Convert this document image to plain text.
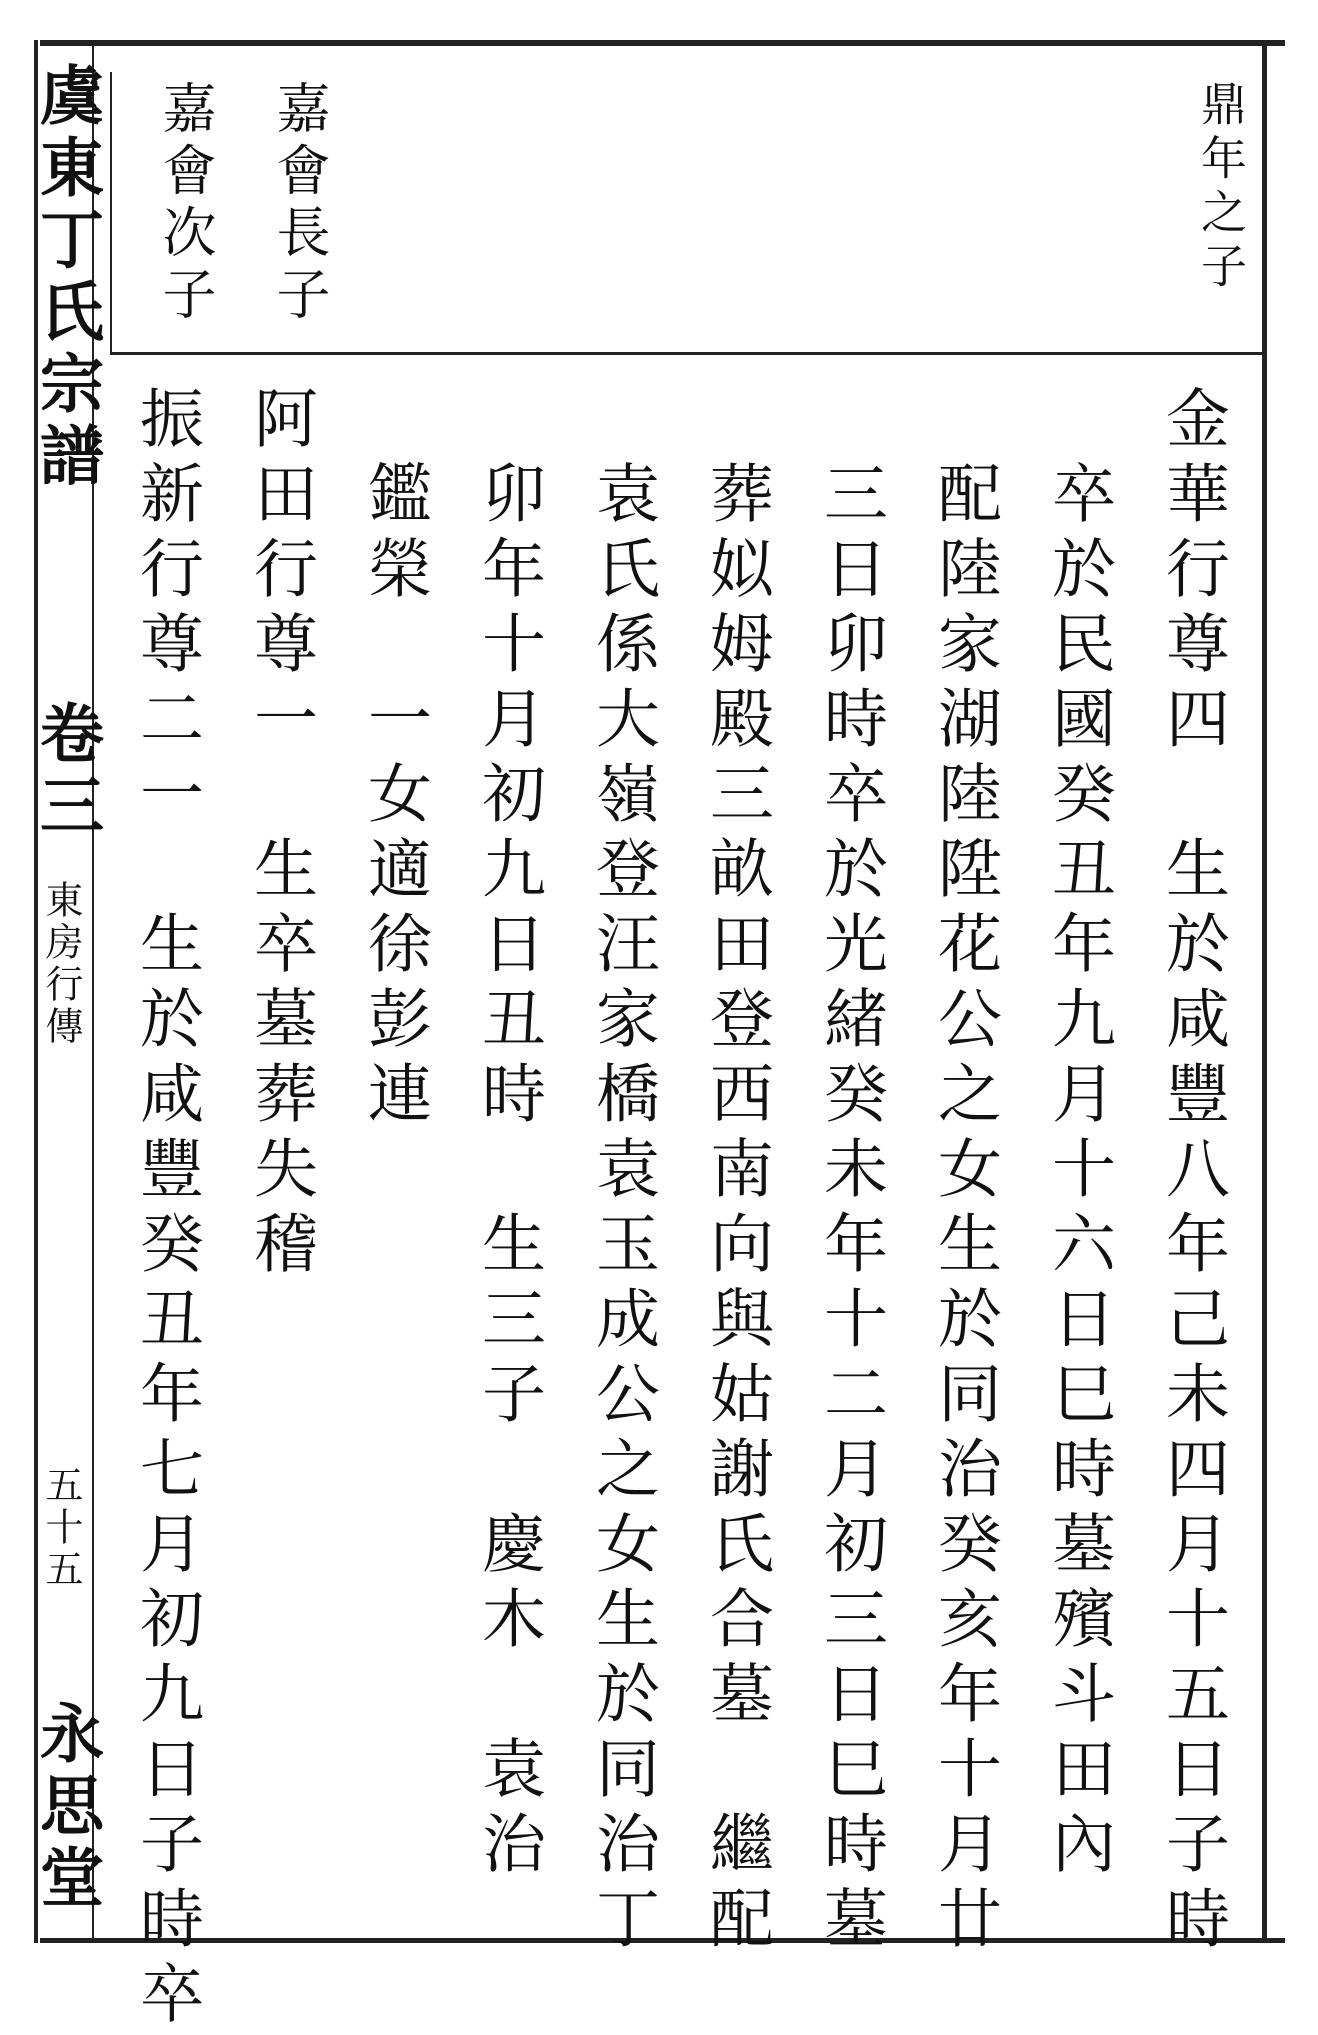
虞東丁氏宗譜
卷三
東房行傳
五十五
永思堂
鼎年之子
嘉會長子
嘉會次子
金華行尊四　生於咸豐八年己未四月十五日子時
卒於民國癸丑年九月十六日巳時墓殯斗田內
配陸家湖陸陞花公之女生於同治癸亥年十月廿
三日卯時卒於光緒癸未年十二月初三日巳時墓
葬姒姆殿三畝田登西南向與姑謝氏合墓　繼配
袁氏係大嶺登汪家橋袁玉成公之女生於同治丁
卯年十月初九日丑時　生三子　慶木　袁治
鑑榮　一女適徐彭連
阿田行尊一　生卒墓葬失稽
振新行尊二一　生於咸豐癸丑年七月初九日子時卒
